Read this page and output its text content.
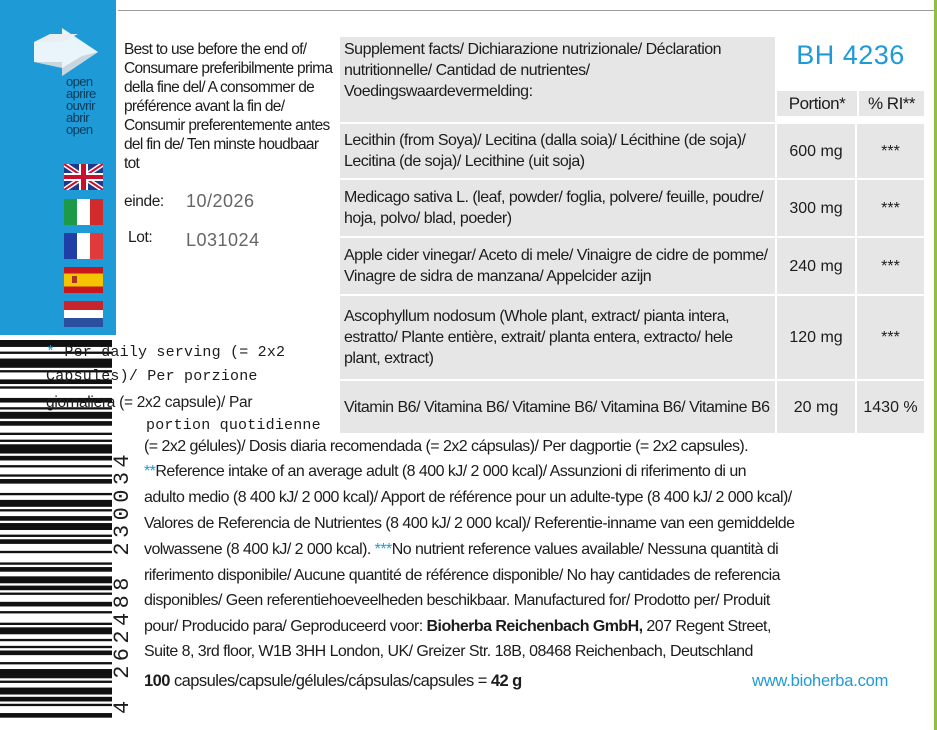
open
aprire
ouvrir
abrir
open
Best to use before the end of/ Consumare preferibilmente prima della fine del/ A consommer de préférence avant la fin de/ Consumir preferentemente antes del fin de/ Ten minste houdbaar tot
einde: 10/2026
Lot: L031024
Supplement facts/ Dichiarazione nutrizionale/ Déclaration nutritionnelle/ Cantidad de nutrientes/ Voedingswaardevermelding:	BH 4236
Portion* % RI**	

Lecithin (from Soya)/ Lecitina (dalla soia)/ Lécithine (de soja)/ Lecitina (de soja)/ Lecithine (uit soja)	600 mg	***
Medicago sativa L. (leaf, powder/ foglia, polvere/ feuille, poudre/ hoja, polvo/ blad, poeder)	300 mg	***
Apple cider vinegar/ Aceto di mele/ Vinaigre de cidre de pomme/ Vinagre de sidra de manzana/ Appelcider azijn	240 mg	***
Ascophyllum nodosum (Whole plant, extract/ pianta intera, estratto/ Plante entière, extrait/ planta entera, extracto/ hele plant, extract)	120 mg	***
Vitamin B6/ Vitamina B6/ Vitamine B6/ Vitamina B6/ Vitamine B6	20 mg	1430 %
4 262488 230034
* Per daily serving (= 2x2
Capsules)/ Per porzione
giornaliera (= 2x2 capsule)/ Par
portion quotidienne
(= 2x2 gélules)/ Dosis diaria recomendada (= 2x2 cápsulas)/ Per dagportie (= 2x2 capsules).
**Reference intake of an average adult (8 400 kJ/ 2 000 kcal)/ Assunzioni di riferimento di un
adulto medio (8 400 kJ/ 2 000 kcal)/ Apport de référence pour un adulte-type (8 400 kJ/ 2 000 kcal)/
Valores de Referencia de Nutrientes (8 400 kJ/ 2 000 kcal)/ Referentie-inname van een gemiddelde
volwassene (8 400 kJ/ 2 000 kcal). ***No nutrient reference values available/ Nessuna quantità di
riferimento disponibile/ Aucune quantité de référence disponible/ No hay cantidades de referencia
disponibles/ Geen referentiehoeveelheden beschikbaar. Manufactured for/ Prodotto per/ Produit
pour/ Producido para/ Geproduceerd voor: Bioherba Reichenbach GmbH, 207 Regent Street,
Suite 8, 3rd floor, W1B 3HH London, UK/ Greizer Str. 18B, 08468 Reichenbach, Deutschland
100 capsules/capsule/gélules/cápsulas/capsules = 42 g	www.bioherba.com
